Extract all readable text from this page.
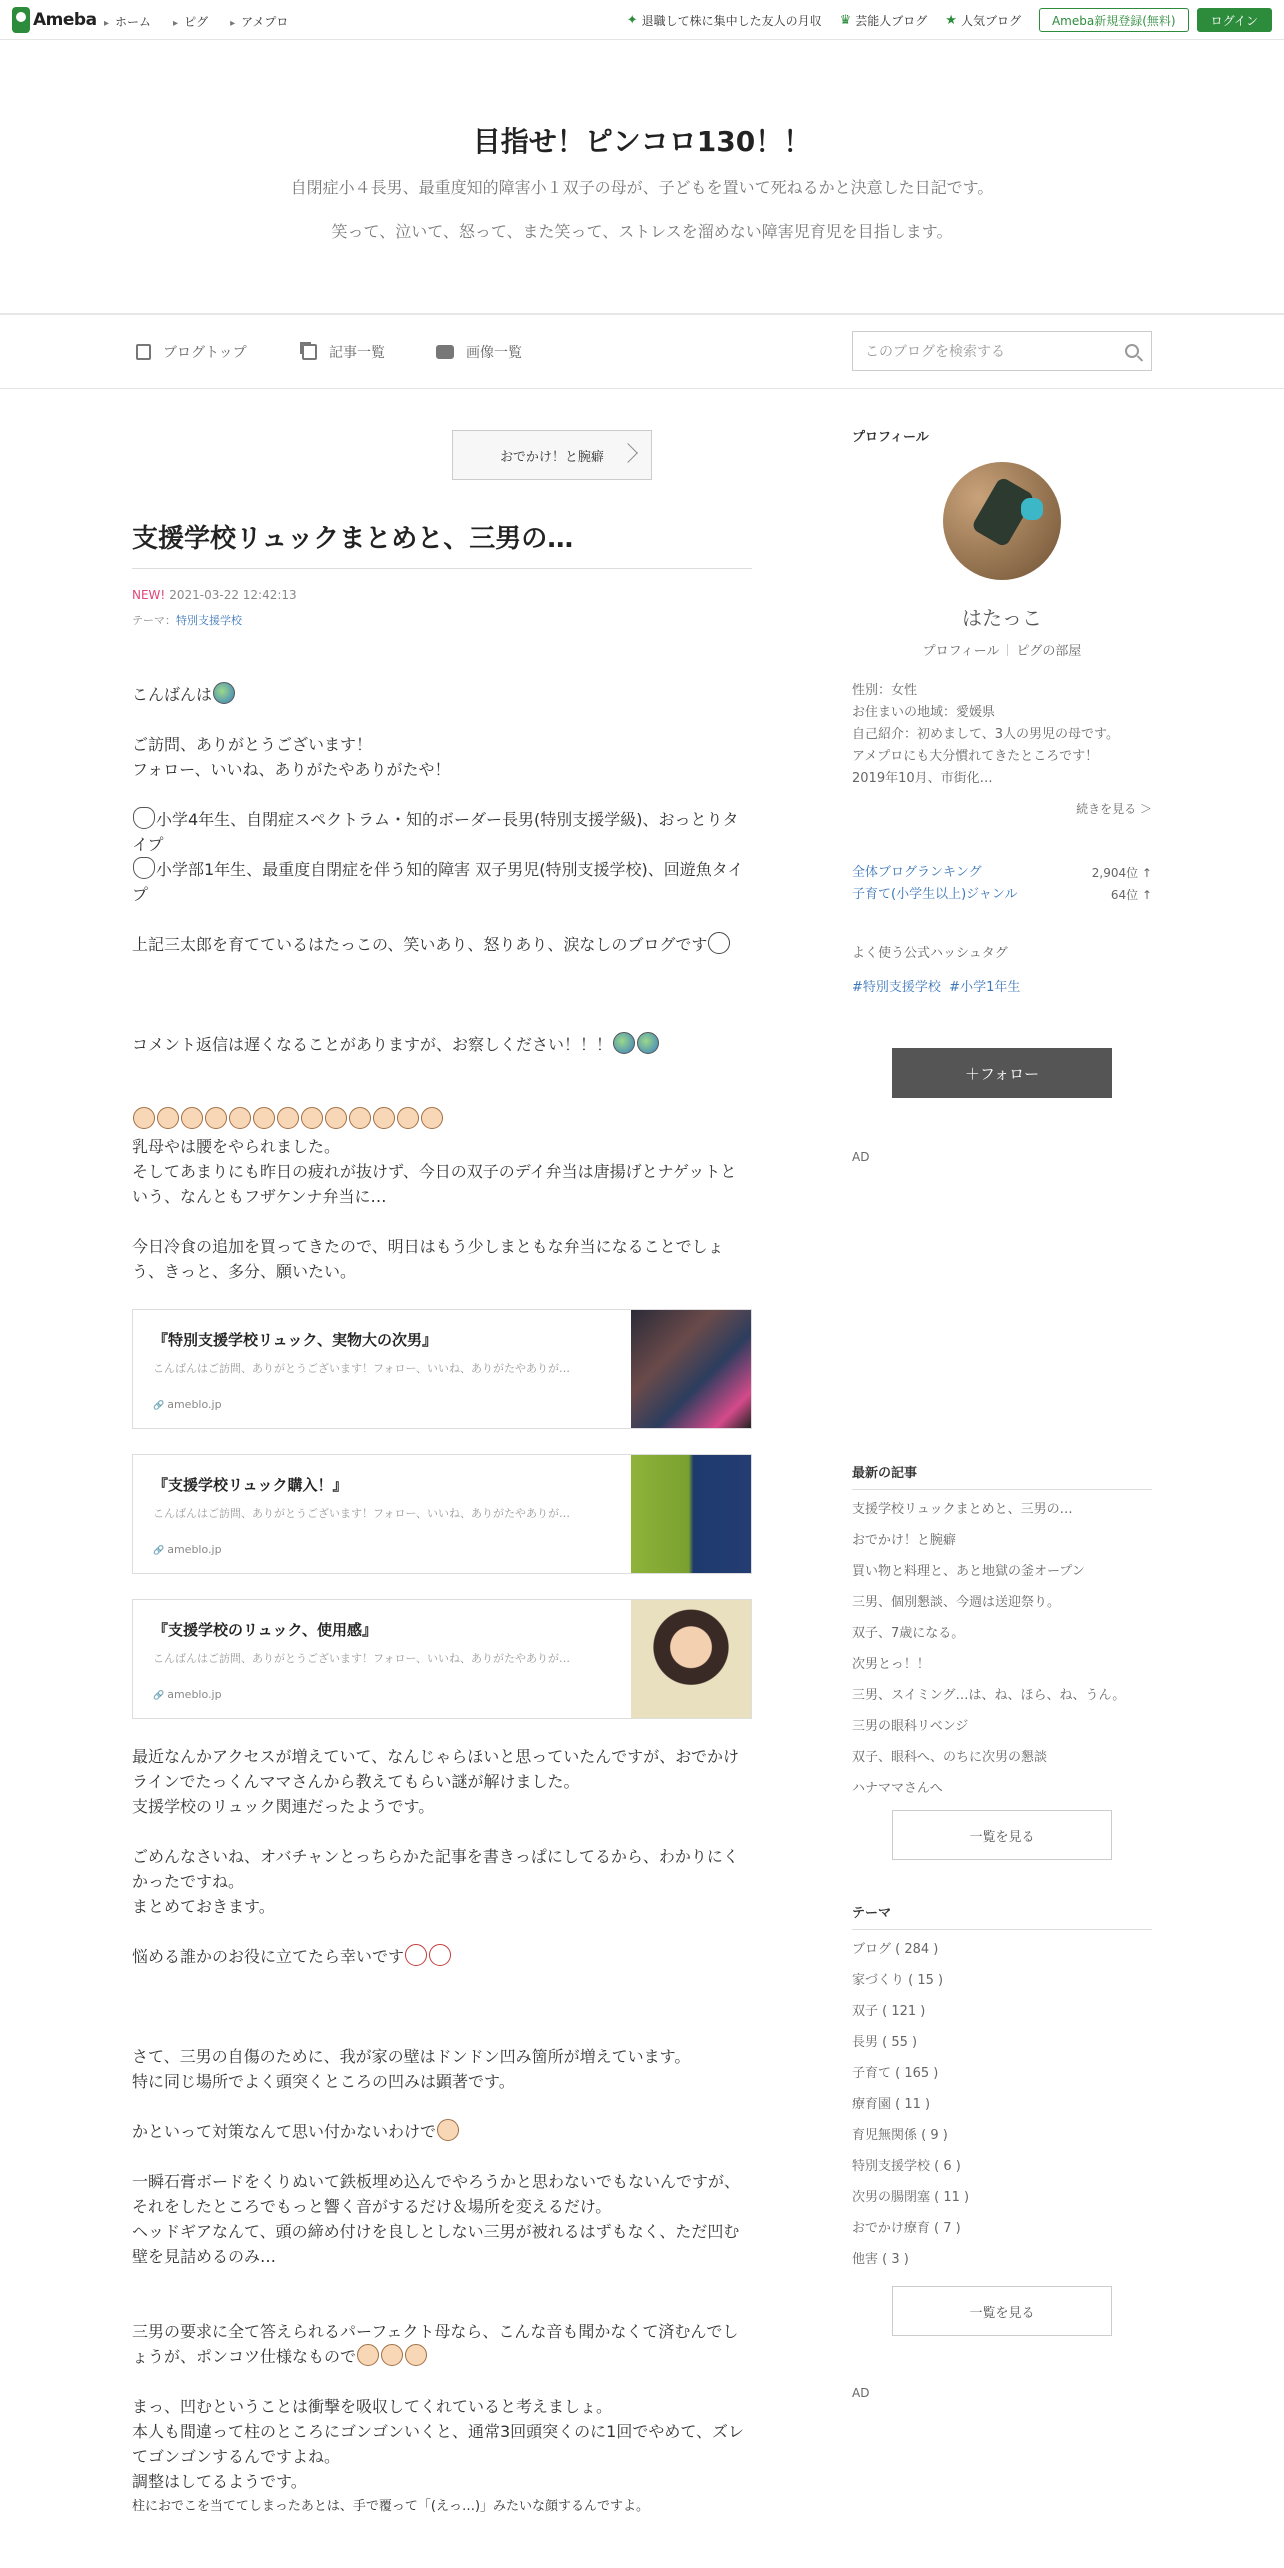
Ameba	▸ ホーム	▸ ピグ	▸ アメプロ	✦ 退職して株に集中した友人の月収 ♛ 芸能人ブログ ★ 人気ブログ	Ameba新規登録(無料)	ログイン
目指せ！ピンコロ130！！
自閉症小４長男、最重度知的障害小１双子の母が、子どもを置いて死ねるかと決意した日記です。
笑って、泣いて、怒って、また笑って、ストレスを溜めない障害児育児を目指します。
ブログトップ	記事一覧	画像一覧	このブログを検索する
おでかけ！と腕癖
支援学校リュックまとめと、三男の…
NEW! 2021-03-22 12:42:13
テーマ：特別支援学校
こんばんは
ご訪問、ありがとうございます！
フォロー、いいね、ありがたやありがたや！
小学4年生、自閉症スペクトラム・知的ボーダー長男(特別支援学級)、おっとりタイプ
小学部1年生、最重度自閉症を伴う知的障害 双子男児(特別支援学校)、回遊魚タイプ
上記三太郎を育てているはたっこの、笑いあり、怒りあり、涙なしのブログです
コメント返信は遅くなることがありますが、お察しください！！！
乳母やは腰をやられました。
そしてあまりにも昨日の疲れが抜けず、今日の双子のデイ弁当は唐揚げとナゲットという、なんともフザケンナ弁当に…
今日冷食の追加を買ってきたので、明日はもう少しまともな弁当になることでしょう、きっと、多分、願いたい。
『特別支援学校リュック、実物大の次男』
こんばんはご訪問、ありがとうございます！フォロー、いいね、ありがたやありが…
🔗 ameblo.jp
『支援学校リュック購入！』
こんばんはご訪問、ありがとうございます！フォロー、いいね、ありがたやありが…
🔗 ameblo.jp
『支援学校のリュック、使用感』
こんばんはご訪問、ありがとうございます！フォロー、いいね、ありがたやありが…
🔗 ameblo.jp
最近なんかアクセスが増えていて、なんじゃらほいと思っていたんですが、おでかけラインでたっくんママさんから教えてもらい謎が解けました。
支援学校のリュック関連だったようです。
ごめんなさいね、オバチャンとっちらかた記事を書きっぱにしてるから、わかりにくかったですね。
まとめておきます。
悩める誰かのお役に立てたら幸いです
さて、三男の自傷のために、我が家の壁はドンドン凹み箇所が増えています。
特に同じ場所でよく頭突くところの凹みは顕著です。
かといって対策なんて思い付かないわけで
一瞬石膏ボードをくりぬいて鉄板埋め込んでやろうかと思わないでもないんですが、それをしたところでもっと響く音がするだけ＆場所を変えるだけ。
ヘッドギアなんて、頭の締め付けを良しとしない三男が被れるはずもなく、ただ凹む壁を見詰めるのみ…
三男の要求に全て答えられるパーフェクト母なら、こんな音も聞かなくて済むんでしょうが、ポンコツ仕様なもので
まっ、凹むということは衝撃を吸収してくれていると考えましょ。
本人も間違って柱のところにゴンゴンいくと、通常3回頭突くのに1回でやめて、ズレてゴンゴンするんですよね。
調整はしてるようです。
柱におでこを当ててしまったあとは、手で覆って「(えっ…)」みたいな顔するんですよ。
プロフィール
はたっこ
プロフィール ピグの部屋
性別：女性
お住まいの地域：愛媛県
自己紹介：初めまして、3人の男児の母です。
アメプロにも大分慣れてきたところです！
2019年10月、市街化…
続きを見る ＞
全体ブログランキング	2,904位 ↑
子育て(小学生以上)ジャンル	64位 ↑
よく使う公式ハッシュタグ
#特別支援学校 #小学1年生
＋フォロー
AD
最新の記事
支援学校リュックまとめと、三男の…
おでかけ！と腕癖
買い物と料理と、あと地獄の釜オープン
三男、個別懇談、今週は送迎祭り。
双子、7歳になる。
次男とっ！！
三男、スイミング…は、ね、ほら、ね、うん。
三男の眼科リベンジ
双子、眼科へ、のちに次男の懇談
ハナママさんへ
一覧を見る
テーマ
ブログ ( 284 )
家づくり ( 15 )
双子 ( 121 )
長男 ( 55 )
子育て ( 165 )
療育園 ( 11 )
育児無関係 ( 9 )
特別支援学校 ( 6 )
次男の腸閉塞 ( 11 )
おでかけ療育 ( 7 )
他害 ( 3 )
一覧を見る
AD
